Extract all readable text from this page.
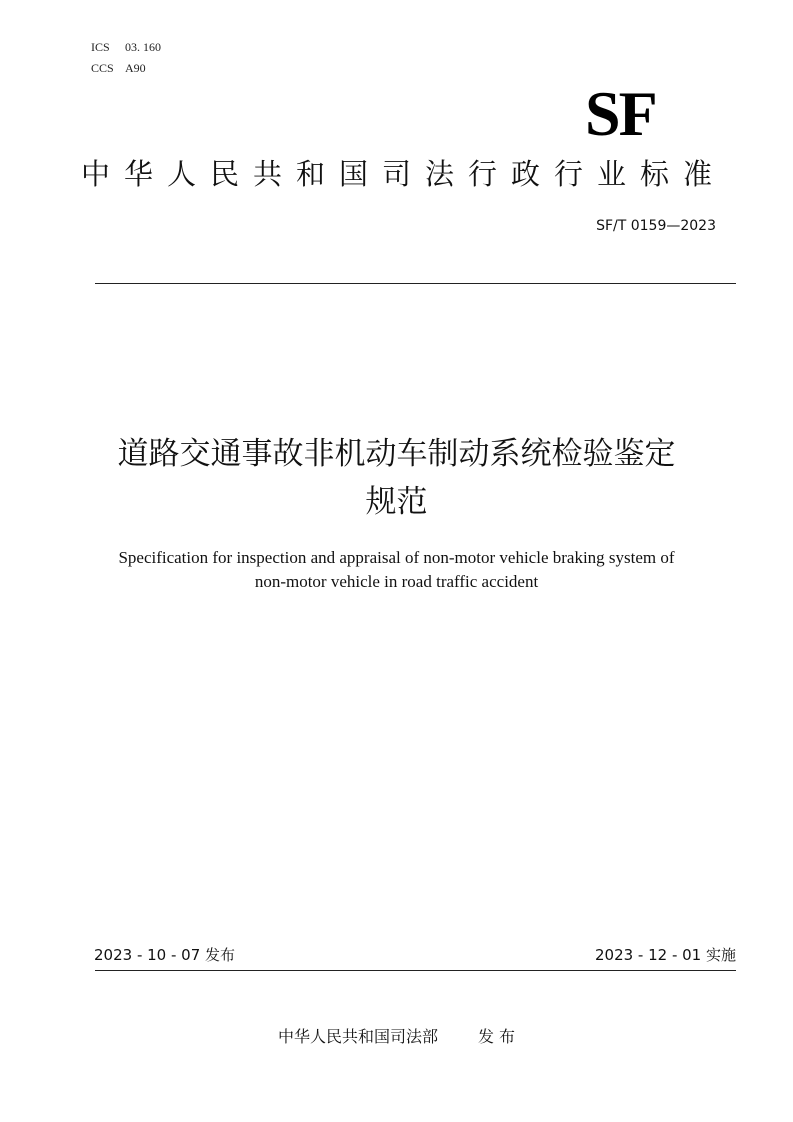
ICS 03. 160
CCS A90
SF
中华人民共和国司法行政行业标准
SF/T 0159—2023
道路交通事故非机动车制动系统检验鉴定
规范
Specification for inspection and appraisal of non-motor vehicle braking system of
non-motor vehicle in road traffic accident
2023 - 10 - 07 发布	2023 - 12 - 01 实施
中华人民共和国司法部	发 布
